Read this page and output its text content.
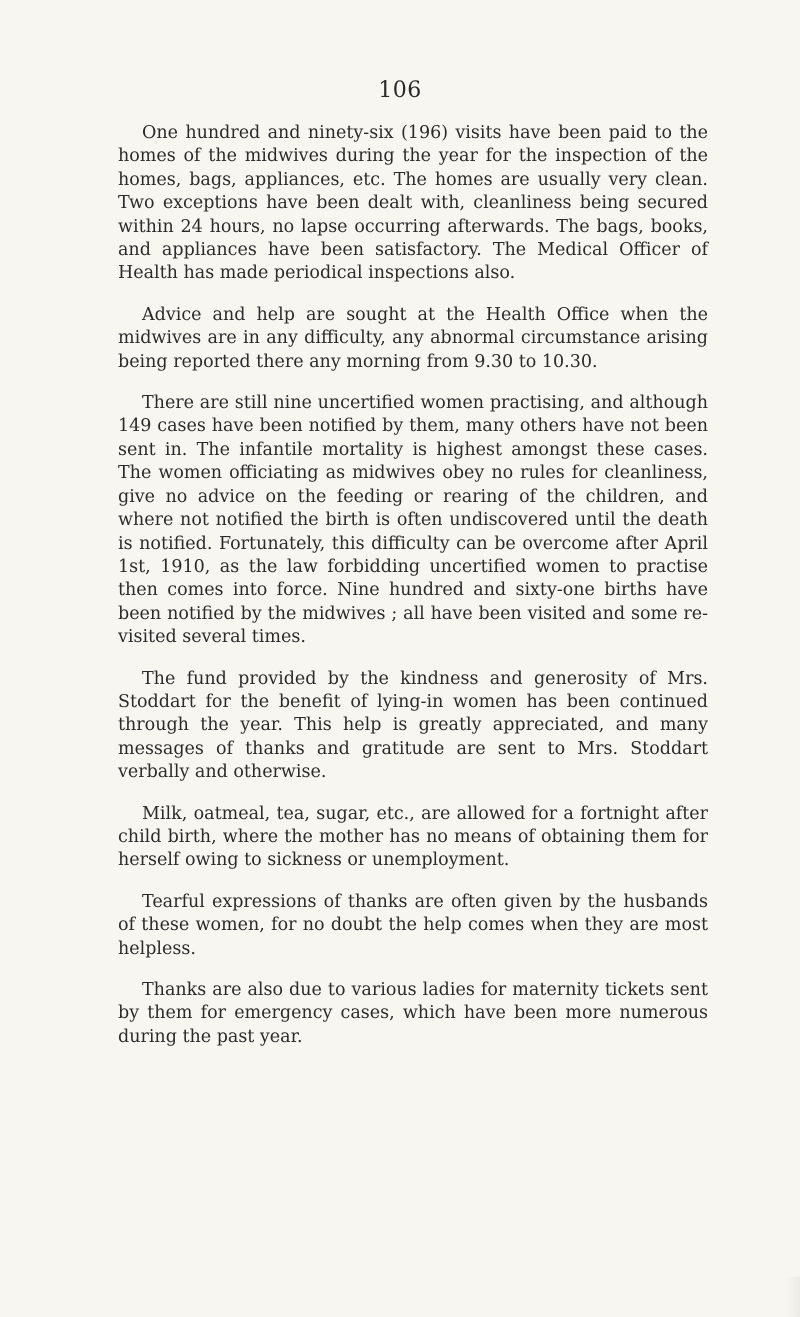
106

One hundred and ninety-six (196) visits have been paid to the homes of the midwives during the year for the inspection of the homes, bags, appliances, etc. The homes are usually very clean. Two exceptions have been dealt with, cleanliness being secured within 24 hours, no lapse occurring afterwards. The bags, books, and appliances have been satisfactory. The Medical Officer of Health has made periodical inspections also.

Advice and help are sought at the Health Office when the midwives are in any difficulty, any abnormal circumstance arising being reported there any morning from 9.30 to 10.30.

There are still nine uncertified women practising, and although 149 cases have been notified by them, many others have not been sent in. The infantile mortality is highest amongst these cases. The women officiating as midwives obey no rules for cleanliness, give no advice on the feeding or rearing of the children, and where not notified the birth is often undiscovered until the death is notified. Fortunately, this difficulty can be overcome after April 1st, 1910, as the law forbidding uncertified women to practise then comes into force. Nine hundred and sixty-one births have been notified by the midwives ; all have been visited and some re-visited several times.

The fund provided by the kindness and generosity of Mrs. Stoddart for the benefit of lying-in women has been continued through the year. This help is greatly appreciated, and many messages of thanks and gratitude are sent to Mrs. Stoddart verbally and otherwise.

Milk, oatmeal, tea, sugar, etc., are allowed for a fortnight after child birth, where the mother has no means of obtaining them for herself owing to sickness or unemployment.

Tearful expressions of thanks are often given by the husbands of these women, for no doubt the help comes when they are most helpless.

Thanks are also due to various ladies for maternity tickets sent by them for emergency cases, which have been more numerous during the past year.
